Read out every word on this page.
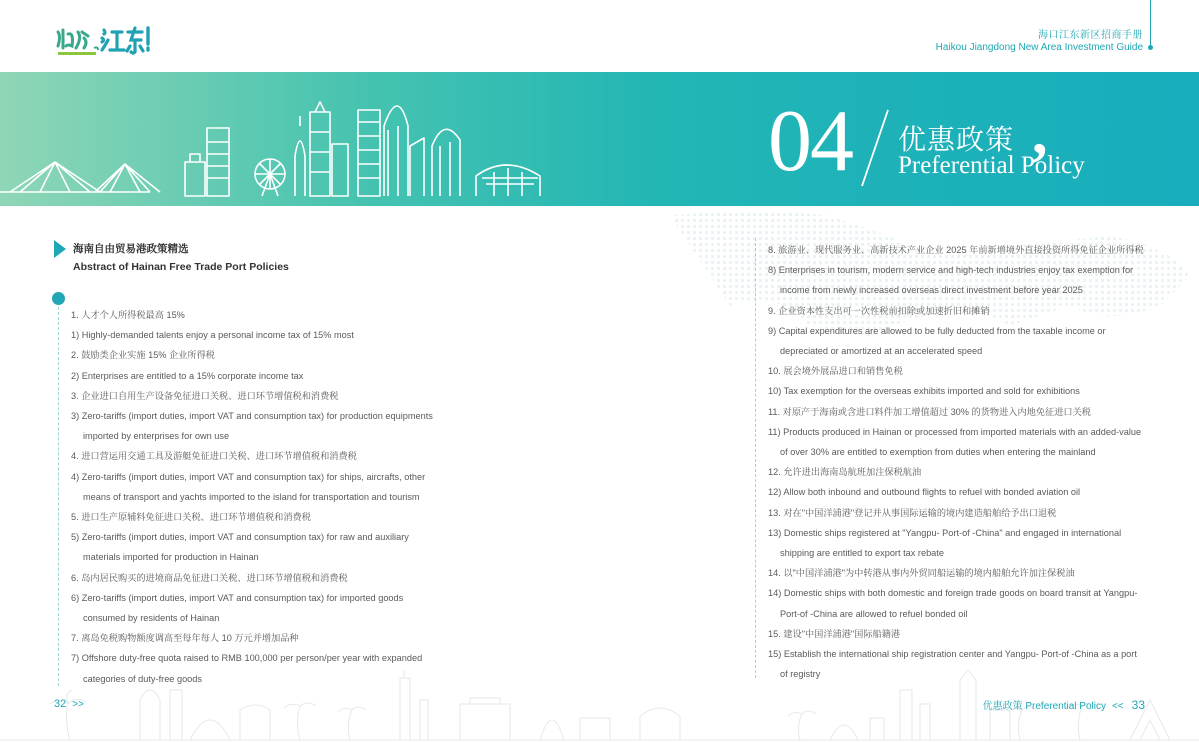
海口江东新区招商手册
Haikou Jiangdong New Area Investment Guide
04 优惠政策
Preferential Policy
,
海南自由贸易港政策精选
Abstract of Hainan Free Trade Port Policies
1. 人才个人所得税最高 15%
1) Highly-demanded talents enjoy a personal income tax of 15% most
2. 鼓励类企业实施 15% 企业所得税
2) Enterprises are entitled to a 15% corporate income tax
3. 企业进口自用生产设备免征进口关税、进口环节增值税和消费税
3) Zero-tariffs (import duties, import VAT and consumption tax) for production equipments
imported by enterprises for own use
4. 进口营运用交通工具及游艇免征进口关税、进口环节增值税和消费税
4) Zero-tariffs (import duties, import VAT and consumption tax) for ships, aircrafts, other
means of transport and yachts imported to the island for transportation and tourism
5. 进口生产原辅料免征进口关税、进口环节增值税和消费税
5) Zero-tariffs (import duties, import VAT and consumption tax) for raw and auxiliary
materials imported for production in Hainan
6. 岛内居民购买的进境商品免征进口关税、进口环节增值税和消费税
6) Zero-tariffs (import duties, import VAT and consumption tax) for imported goods
consumed by residents of Hainan
7. 离岛免税购物额度调高至每年每人 10 万元并增加品种
7) Offshore duty-free quota raised to RMB 100,000 per person/per year with expanded
categories of duty-free goods
8. 旅游业、现代服务业、高新技术产业企业 2025 年前新增境外直接投资所得免征企业所得税
8) Enterprises in tourism, modern service and high-tech industries enjoy tax exemption for
income from newly increased overseas direct investment before year 2025
9. 企业资本性支出可一次性税前扣除或加速折旧和摊销
9) Capital expenditures are allowed to be fully deducted from the taxable income or
depreciated or amortized at an accelerated speed
10. 展会境外展品进口和销售免税
10) Tax exemption for the overseas exhibits imported and sold for exhibitions
11. 对原产于海南或含进口料件加工增值超过 30% 的货物进入内地免征进口关税
11) Products produced in Hainan or processed from imported materials with an added-value
of over 30% are entitled to exemption from duties when entering the mainland
12. 允许进出海南岛航班加注保税航油
12) Allow both inbound and outbound flights to refuel with bonded aviation oil
13. 对在"中国洋浦港"登记并从事国际运输的境内建造船舶给予出口退税
13) Domestic ships registered at "Yangpu- Port-of -China" and engaged in international
shipping are entitled to export tax rebate
14. 以"中国洋浦港"为中转港从事内外贸同船运输的境内船舶允许加注保税油
14) Domestic ships with both domestic and foreign trade goods on board transit at Yangpu-
Port-of -China are allowed to refuel bonded oil
15. 建设"中国洋浦港"国际船籍港
15) Establish the international ship registration center and Yangpu- Port-of -China as a port
of registry
32 >>	优惠政策 Preferential Policy << 33
